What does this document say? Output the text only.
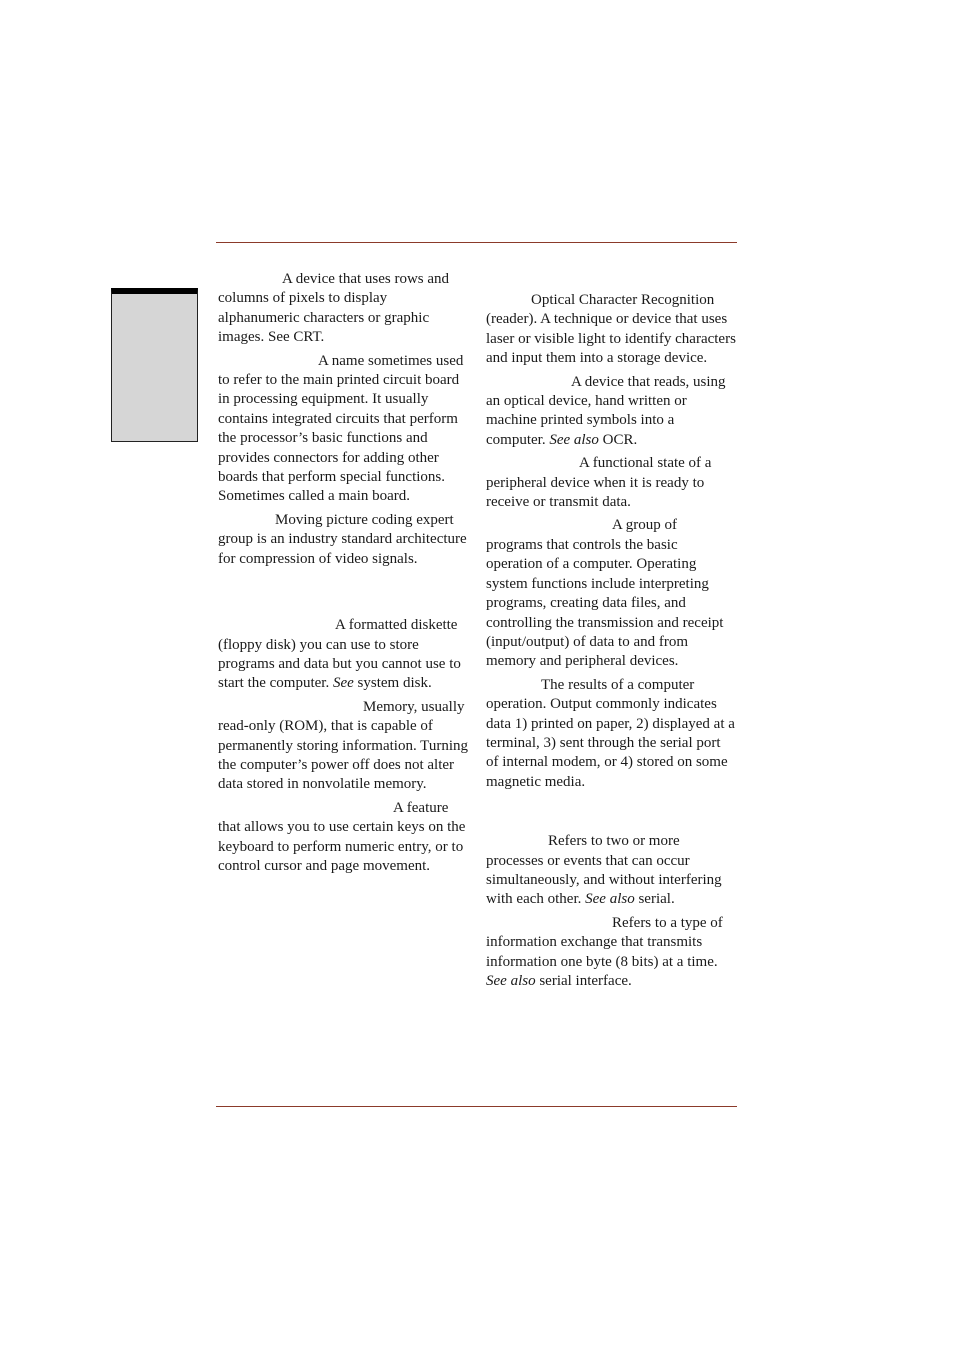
A device that uses rows and columns of pixels to display alphanumeric characters or graphic images. See CRT.

A name sometimes used to refer to the main printed circuit board in processing equipment. It usually contains integrated circuits that perform the processor’s basic functions and provides connectors for adding other boards that perform special functions. Sometimes called a main board.

Moving picture coding expert group is an industry standard architecture for compression of video signals.

A formatted diskette (floppy disk) you can use to store programs and data but you cannot use to start the computer. See system disk.

Memory, usually read-only (ROM), that is capable of permanently storing information. Turning the computer’s power off does not alter data stored in nonvolatile memory.

A feature that allows you to use certain keys on the keyboard to perform numeric entry, or to control cursor and page movement.

Optical Character Recognition (reader). A technique or device that uses laser or visible light to identify characters and input them into a storage device.

A device that reads, using an optical device, hand written or machine printed symbols into a computer. See also OCR.

A functional state of a peripheral device when it is ready to receive or transmit data.

A group of programs that controls the basic operation of a computer. Operating system functions include interpreting programs, creating data files, and controlling the transmission and receipt (input/output) of data to and from memory and peripheral devices.

The results of a computer operation. Output commonly indicates data 1) printed on paper, 2) displayed at a terminal, 3) sent through the serial port of internal modem, or 4) stored on some magnetic media.

Refers to two or more processes or events that can occur simultaneously, and without interfering with each other. See also serial.

Refers to a type of information exchange that transmits information one byte (8 bits) at a time. See also serial interface.
